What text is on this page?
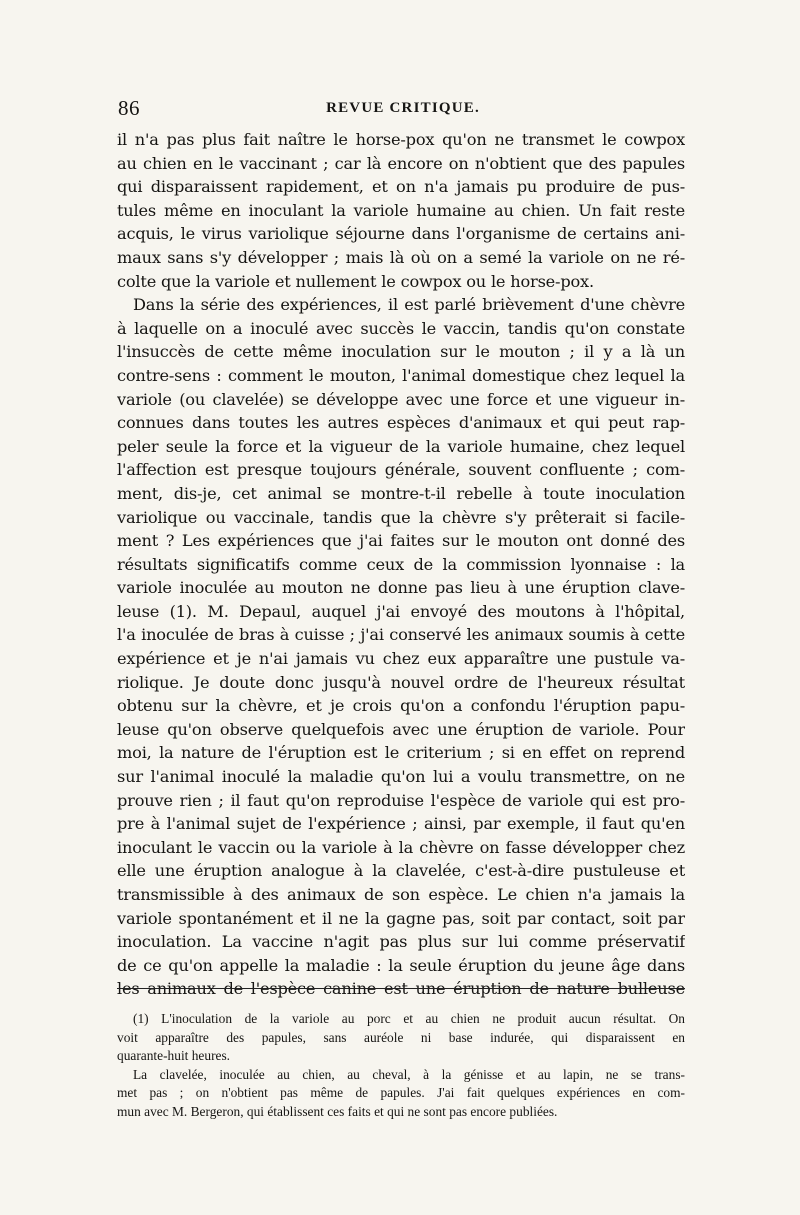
86	REVUE CRITIQUE.
il n'a pas plus fait naître le horse-pox qu'on ne transmet le cowpox
au chien en le vaccinant ; car là encore on n'obtient que des papules
qui disparaissent rapidement, et on n'a jamais pu produire de pus-
tules même en inoculant la variole humaine au chien. Un fait reste
acquis, le virus variolique séjourne dans l'organisme de certains ani-
maux sans s'y développer ; mais là où on a semé la variole on ne ré-
colte que la variole et nullement le cowpox ou le horse-pox.
Dans la série des expériences, il est parlé brièvement d'une chèvre
à laquelle on a inoculé avec succès le vaccin, tandis qu'on constate
l'insuccès de cette même inoculation sur le mouton ; il y a là un
contre-sens : comment le mouton, l'animal domestique chez lequel la
variole (ou clavelée) se développe avec une force et une vigueur in-
connues dans toutes les autres espèces d'animaux et qui peut rap-
peler seule la force et la vigueur de la variole humaine, chez lequel
l'affection est presque toujours générale, souvent confluente ; com-
ment, dis-je, cet animal se montre-t-il rebelle à toute inoculation
variolique ou vaccinale, tandis que la chèvre s'y prêterait si facile-
ment ? Les expériences que j'ai faites sur le mouton ont donné des
résultats significatifs comme ceux de la commission lyonnaise : la
variole inoculée au mouton ne donne pas lieu à une éruption clave-
leuse (1). M. Depaul, auquel j'ai envoyé des moutons à l'hôpital,
l'a inoculée de bras à cuisse ; j'ai conservé les animaux soumis à cette
expérience et je n'ai jamais vu chez eux apparaître une pustule va-
riolique. Je doute donc jusqu'à nouvel ordre de l'heureux résultat
obtenu sur la chèvre, et je crois qu'on a confondu l'éruption papu-
leuse qu'on observe quelquefois avec une éruption de variole. Pour
moi, la nature de l'éruption est le criterium ; si en effet on reprend
sur l'animal inoculé la maladie qu'on lui a voulu transmettre, on ne
prouve rien ; il faut qu'on reproduise l'espèce de variole qui est pro-
pre à l'animal sujet de l'expérience ; ainsi, par exemple, il faut qu'en
inoculant le vaccin ou la variole à la chèvre on fasse développer chez
elle une éruption analogue à la clavelée, c'est-à-dire pustuleuse et
transmissible à des animaux de son espèce. Le chien n'a jamais la
variole spontanément et il ne la gagne pas, soit par contact, soit par
inoculation. La vaccine n'agit pas plus sur lui comme préservatif
de ce qu'on appelle la maladie : la seule éruption du jeune âge dans
les animaux de l'espèce canine est une éruption de nature bulleuse
(1) L'inoculation de la variole au porc et au chien ne produit aucun résultat. On
voit apparaître des papules, sans auréole ni base indurée, qui disparaissent en
quarante-huit heures.
La clavelée, inoculée au chien, au cheval, à la génisse et au lapin, ne se trans-
met pas ; on n'obtient pas même de papules. J'ai fait quelques expériences en com-
mun avec M. Bergeron, qui établissent ces faits et qui ne sont pas encore publiées.
